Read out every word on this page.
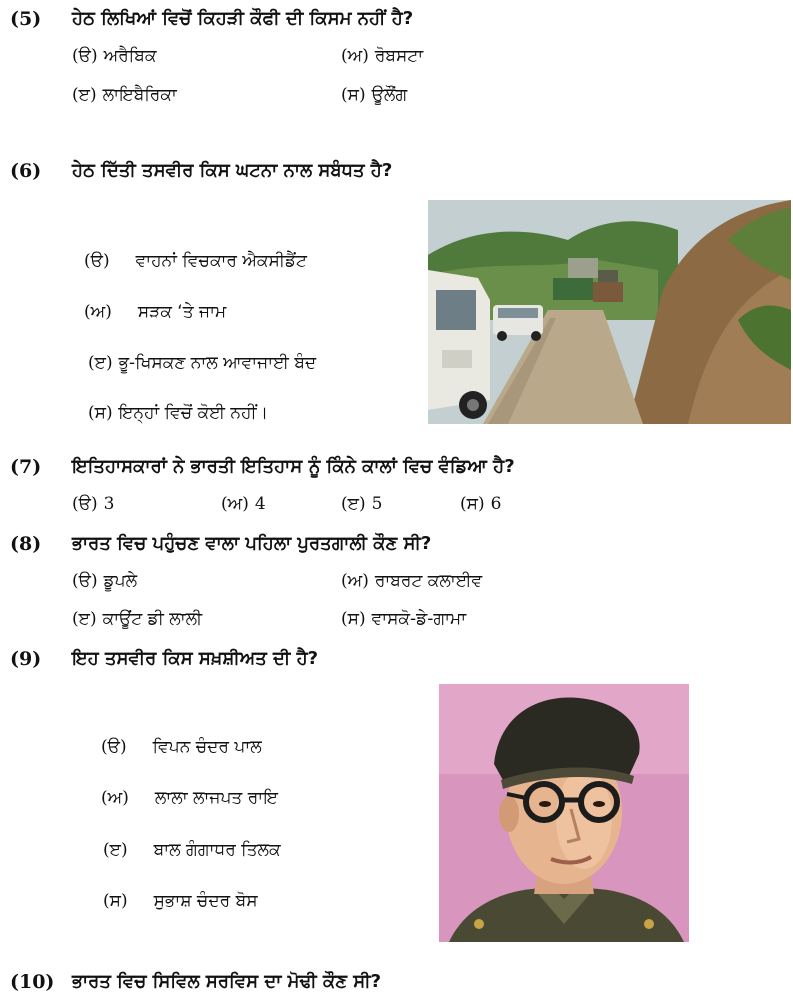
(5) ਹੇਠ ਲਿਖਿਆਂ ਵਿਚੋਂ ਕਿਹੜੀ ਕੌਫੀ ਦੀ ਕਿਸਮ ਨਹੀਂ ਹੈ?
(ੳ) ਅਰੈਬਿਕ	(ਅ) ਰੋਬਸਟਾ
(ੲ) ਲਾਇਬੈਰਿਕਾ	(ਸ) ਊਲੌਂਗ
(6) ਹੇਠ ਦਿੱਤੀ ਤਸਵੀਰ ਕਿਸ ਘਟਨਾ ਨਾਲ ਸਬੰਧਤ ਹੈ?
(ੳ) ਵਾਹਨਾਂ ਵਿਚਕਾਰ ਐਕਸੀਡੈਂਟ
(ਅ) ਸੜਕ ‘ਤੇ ਜਾਮ
(ੲ) ਭੂ-ਖਿਸਕਣ ਨਾਲ ਆਵਾਜਾਈ ਬੰਦ
(ਸ) ਇਨ੍ਹਾਂ ਵਿਚੋਂ ਕੋਈ ਨਹੀਂ।
(7) ਇਤਿਹਾਸਕਾਰਾਂ ਨੇ ਭਾਰਤੀ ਇਤਿਹਾਸ ਨੂੰ ਕਿੰਨੇ ਕਾਲਾਂ ਵਿਚ ਵੰਡਿਆ ਹੈ?
(ੳ) 3	(ਅ) 4	(ੲ) 5	(ਸ) 6
(8) ਭਾਰਤ ਵਿਚ ਪਹੁੰਚਣ ਵਾਲਾ ਪਹਿਲਾ ਪੁਰਤਗਾਲੀ ਕੌਣ ਸੀ?
(ੳ) ਡੂਪਲੇ	(ਅ) ਰਾਬਰਟ ਕਲਾਈਵ
(ੲ) ਕਾਊਂਟ ਡੀ ਲਾਲੀ	(ਸ) ਵਾਸਕੋ-ਡੇ-ਗਾਮਾ
(9) ਇਹ ਤਸਵੀਰ ਕਿਸ ਸਖ਼ਸ਼ੀਅਤ ਦੀ ਹੈ?
(ੳ) ਵਿਪਨ ਚੰਦਰ ਪਾਲ
(ਅ) ਲਾਲਾ ਲਾਜਪਤ ਰਾਇ
(ੲ) ਬਾਲ ਗੰਗਾਧਰ ਤਿਲਕ
(ਸ) ਸੁਭਾਸ਼ ਚੰਦਰ ਬੋਸ
(10) ਭਾਰਤ ਵਿਚ ਸਿਵਿਲ ਸਰਵਿਸ ਦਾ ਮੋਢੀ ਕੌਣ ਸੀ?
